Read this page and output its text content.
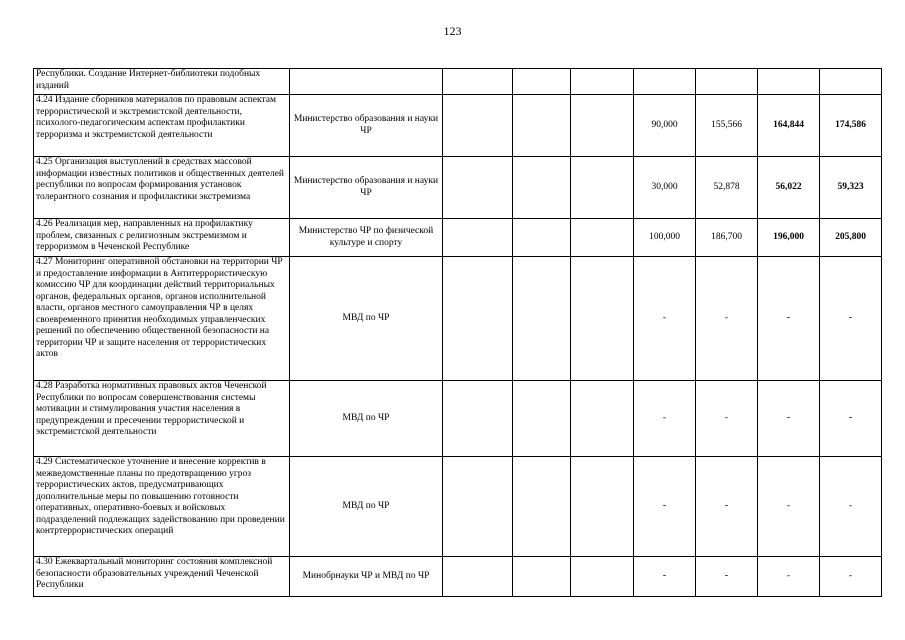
123
Республики. Создание Интернет-библиотеки подобных изданий								
4.24 Издание сборников материалов по правовым аспектам террористической и экстремистской деятельности, психолого-педагогическим аспектам профилактики терроризма и экстремистской деятельности	Министерство образования и науки ЧР				90,000	155,566	164,844	174,586
4.25 Организация выступлений в средствах массовой информации известных политиков и общественных деятелей республики по вопросам формирования установок толерантного сознания и профилактики экстремизма	Министерство образования и науки ЧР				30,000	52,878	56,022	59,323
4.26 Реализация мер, направленных на профилактику проблем, связанных с религиозным экстремизмом и терроризмом в Чеченской Республике	Министерство ЧР по физической культуре и спорту				100,000	186,700	196,000	205,800
4.27 Мониторинг оперативной обстановки на территории ЧР и предоставление информации в Антитеррористическую комиссию ЧР для координации действий территориальных органов, федеральных органов, органов исполнительной власти, органов местного самоуправления ЧР в целях своевременного принятия необходимых управленческих решений по обеспечению общественной безопасности на территории ЧР и защите населения от террористических актов	МВД по ЧР				-	-	-	-
4.28 Разработка нормативных правовых актов Чеченской Республики по вопросам совершенствования системы мотивации и стимулирования участия населения в предупреждении и пресечении террористической и экстремистской деятельности	МВД по ЧР				-	-	-	-
4.29 Систематическое уточнение и внесение корректив в межведомственные планы по предотвращению угроз террористических актов, предусматривающих дополнительные меры по повышению готовности оперативных, оперативно-боевых и войсковых подразделений подлежащих задействованию при проведении контртеррористических операций	МВД по ЧР				-	-	-	-
4.30 Ежеквартальный мониторинг состояния комплексной безопасности образовательных учреждений Чеченской Республики	Минобрнауки ЧР и МВД по ЧР				-	-	-	-
